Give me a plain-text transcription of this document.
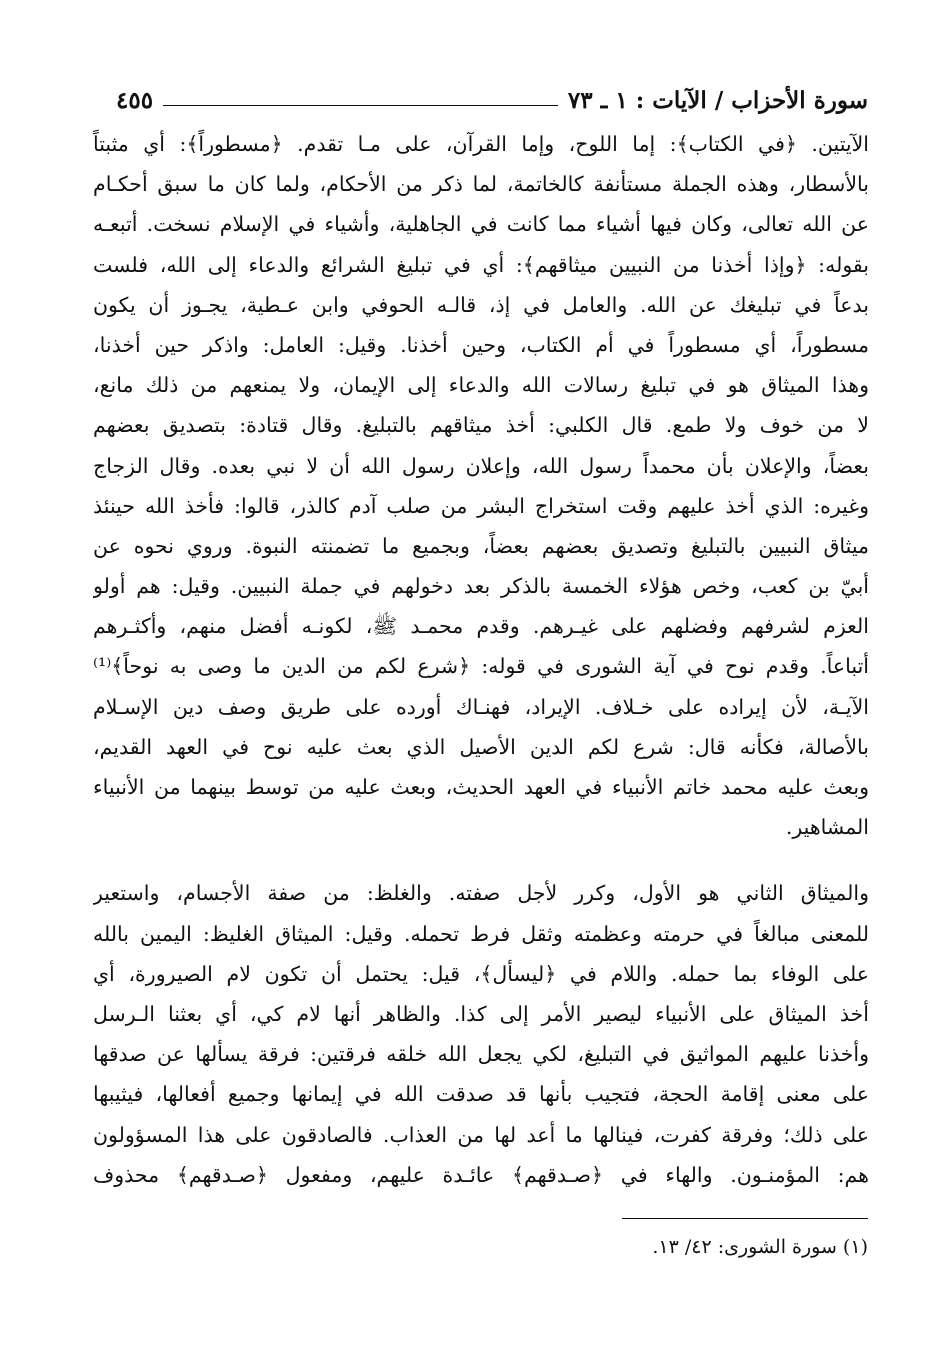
سورة الأحزاب / الآيات : ١ ـ ٧٣
٤٥٥
الآيتين. ﴿في الكتاب﴾: إما اللوح، وإما القرآن، على مـا تقدم. ﴿مسطوراً﴾: أي مثبتاً
بالأسطار، وهذه الجملة مستأنفة كالخاتمة، لما ذكر من الأحكام، ولما كان ما سبق أحكـام
عن الله تعالى، وكان فيها أشياء مما كانت في الجاهلية، وأشياء في الإسلام نسخت. أتبعـه
بقوله: ﴿وإذا أخذنا من النبيين ميثاقهم﴾: أي في تبليغ الشرائع والدعاء إلى الله، فلست
بدعاً في تبليغك عن الله. والعامل في إذ، قالـه الحوفي وابن عـطية، يجـوز أن يكون
مسطوراً، أي مسطوراً في أم الكتاب، وحين أخذنا. وقيل: العامل: واذكر حين أخذنا،
وهذا الميثاق هو في تبليغ رسالات الله والدعاء إلى الإيمان، ولا يمنعهم من ذلك مانع،
لا من خوف ولا طمع. قال الكلبي: أخذ ميثاقهم بالتبليغ. وقال قتادة: بتصديق بعضهم
بعضاً، والإعلان بأن محمداً رسول الله، وإعلان رسول الله أن لا نبي بعده. وقال الزجاج
وغيره: الذي أخذ عليهم وقت استخراج البشر من صلب آدم كالذر، قالوا: فأخذ الله حينئذ
ميثاق النبيين بالتبليغ وتصديق بعضهم بعضاً، وبجميع ما تضمنته النبوة. وروي نحوه عن
أبيّ بن كعب، وخص هؤلاء الخمسة بالذكر بعد دخولهم في جملة النبيين. وقيل: هم أولو
العزم لشرفهم وفضلهم على غيـرهم. وقدم محمـد ﷺ، لكونـه أفضل منهم، وأكثـرهم
أتباعاً. وقدم نوح في آية الشورى في قوله: ﴿شرع لكم من الدين ما وصى به نوحاً﴾⁽¹⁾
الآيـة، لأن إيراده على خـلاف. الإيراد، فهنـاك أورده على طريق وصف دين الإسـلام
بالأصالة، فكأنه قال: شرع لكم الدين الأصيل الذي بعث عليه نوح في العهد القديم،
وبعث عليه محمد خاتم الأنبياء في العهد الحديث، وبعث عليه من توسط بينهما من الأنبياء
المشاهير.
والميثاق الثاني هو الأول، وكرر لأجل صفته. والغلظ: من صفة الأجسام، واستعير
للمعنى مبالغاً في حرمته وعظمته وثقل فرط تحمله. وقيل: الميثاق الغليظ: اليمين بالله
على الوفاء بما حمله. واللام في ﴿ليسأل﴾، قيل: يحتمل أن تكون لام الصيرورة، أي
أخذ الميثاق على الأنبياء ليصير الأمر إلى كذا. والظاهر أنها لام كي، أي بعثنا الـرسل
وأخذنا عليهم المواثيق في التبليغ، لكي يجعل الله خلقه فرقتين: فرقة يسألها عن صدقها
على معنى إقامة الحجة، فتجيب بأنها قد صدقت الله في إيمانها وجميع أفعالها، فيثيبها
على ذلك؛ وفرقة كفرت، فينالها ما أعد لها من العذاب. فالصادقون على هذا المسؤولون
هم: المؤمنـون. والهاء في ﴿صـدقهم﴾ عائـدة عليهم، ومفعول ﴿صـدقهم﴾ محذوف
(١) سورة الشورى: ٤٢/ ١٣.
